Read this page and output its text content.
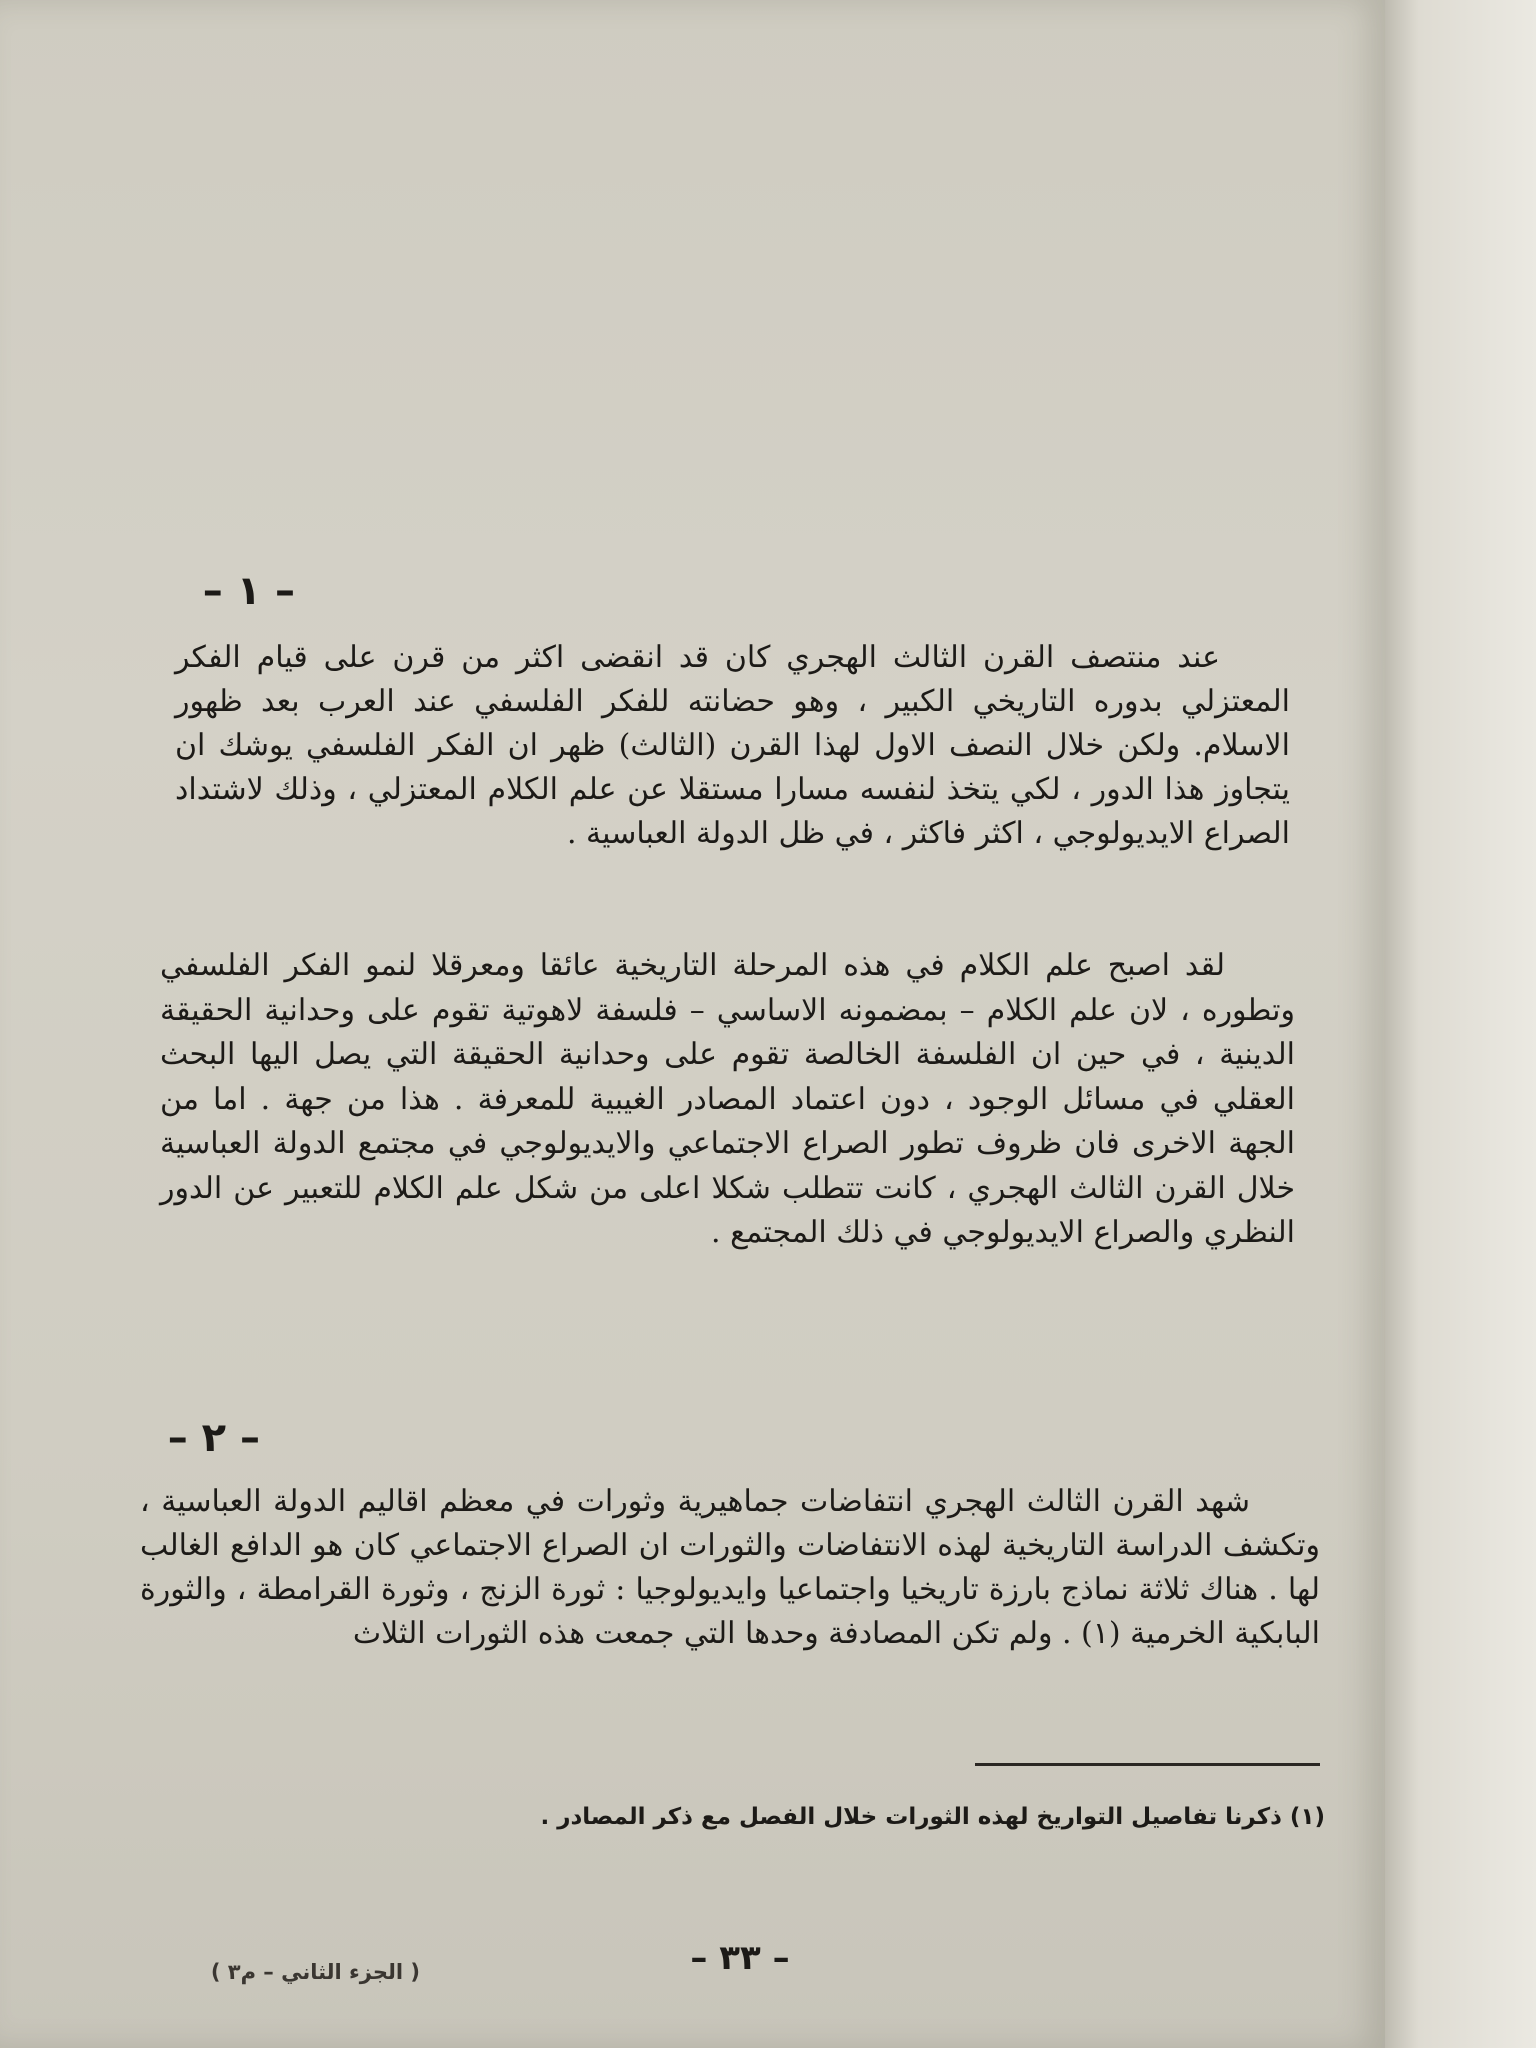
– ١ –
عند منتصف القرن الثالث الهجري كان قد انقضى اكثر من قرن على قيام الفكر المعتزلي بدوره التاريخي الكبير ، وهو حضانته للفكر الفلسفي عند العرب بعد ظهور الاسلام. ولكن خلال النصف الاول لهذا القرن (الثالث) ظهر ان الفكر الفلسفي يوشك ان يتجاوز هذا الدور ، لكي يتخذ لنفسه مسارا مستقلا عن علم الكلام المعتزلي ، وذلك لاشتداد الصراع الايديولوجي ، اكثر فاكثر ، في ظل الدولة العباسية .
لقد اصبح علم الكلام في هذه المرحلة التاريخية عائقا ومعرقلا لنمو الفكر الفلسفي وتطوره ، لان علم الكلام – بمضمونه الاساسي – فلسفة لاهوتية تقوم على وحدانية الحقيقة الدينية ، في حين ان الفلسفة الخالصة تقوم على وحدانية الحقيقة التي يصل اليها البحث العقلي في مسائل الوجود ، دون اعتماد المصادر الغيبية للمعرفة . هذا من جهة . اما من الجهة الاخرى فان ظروف تطور الصراع الاجتماعي والايديولوجي في مجتمع الدولة العباسية خلال القرن الثالث الهجري ، كانت تتطلب شكلا اعلى من شكل علم الكلام للتعبير عن الدور النظري والصراع الايديولوجي في ذلك المجتمع .
– ٢ –
شهد القرن الثالث الهجري انتفاضات جماهيرية وثورات في معظم اقاليم الدولة العباسية ، وتكشف الدراسة التاريخية لهذه الانتفاضات والثورات ان الصراع الاجتماعي كان هو الدافع الغالب لها . هناك ثلاثة نماذج بارزة تاريخيا واجتماعيا وايديولوجيا : ثورة الزنج ، وثورة القرامطة ، والثورة البابكية الخرمية (١) . ولم تكن المصادفة وحدها التي جمعت هذه الثورات الثلاث
(١) ذكرنا تفاصيل التواريخ لهذه الثورات خلال الفصل مع ذكر المصادر .
– ٣٣ –
( الجزء الثاني – م٣ )
